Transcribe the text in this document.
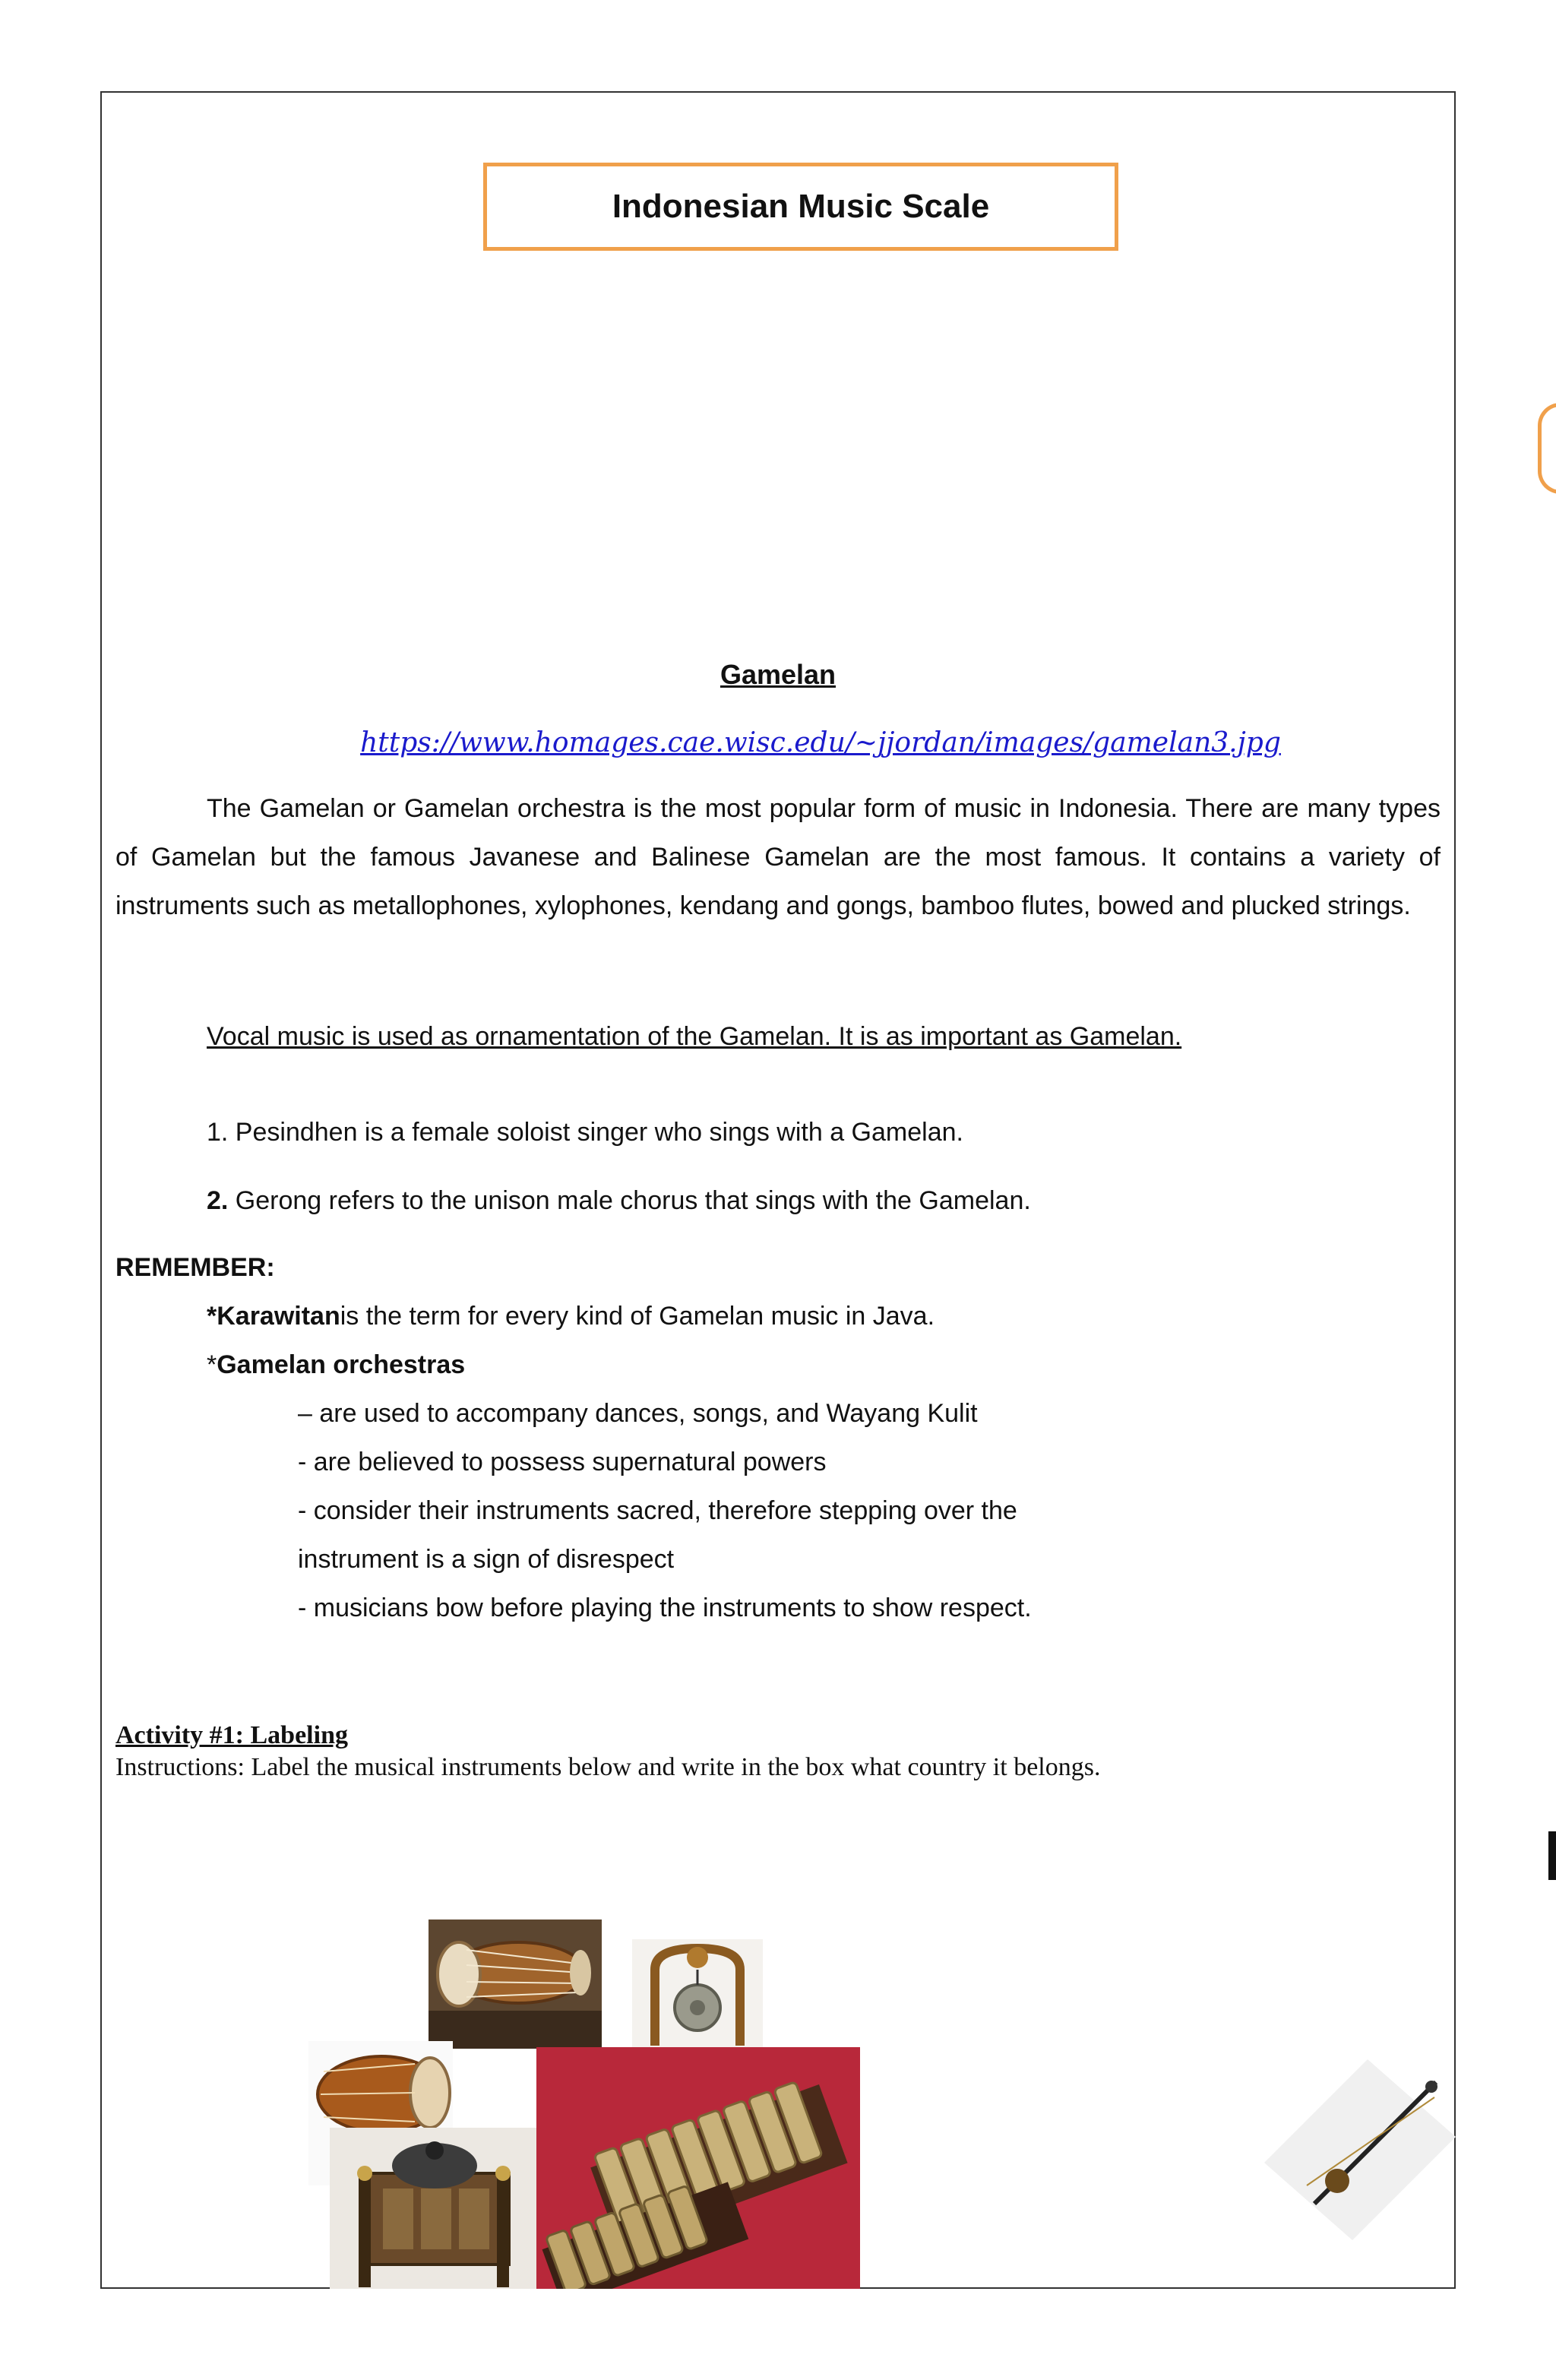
Indonesian Music Scale
Gamelan
https://www.homages.cae.wisc.edu/~jjordan/images/gamelan3.jpg
The Gamelan or Gamelan orchestra is the most popular form of music in Indonesia. There are many types of Gamelan but the famous Javanese and Balinese Gamelan are the most famous. It contains a variety of instruments such as metallophones, xylophones, kendang and gongs, bamboo flutes, bowed and plucked strings.
Vocal music is used as ornamentation of the Gamelan. It is as important as Gamelan.
1. Pesindhen is a female soloist singer who sings with a Gamelan.
2. Gerong refers to the unison male chorus that sings with the Gamelan.
REMEMBER:
*Karawitanis the term for every kind of Gamelan music in Java.
*Gamelan orchestras
– are used to accompany dances, songs, and Wayang Kulit
- are believed to possess supernatural powers
- consider their instruments sacred, therefore stepping over the
instrument is a sign of disrespect
- musicians bow before playing the instruments to show respect.
Activity #1: Labeling
Instructions: Label the musical instruments below and write in the box what country it belongs.
